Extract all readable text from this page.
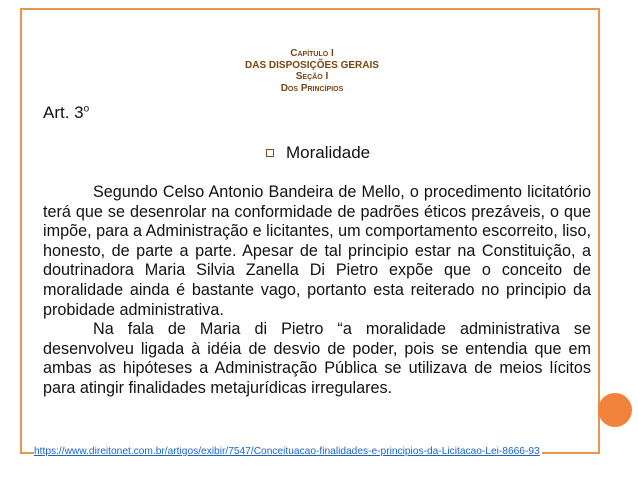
Capítulo I
DAS DISPOSIÇÕES GERAIS
Seção I
Dos Princípios
Art. 3$^o$
Moralidade

Segundo Celso Antonio Bandeira de Mello, o procedimento licitatório terá que se desenrolar na conformidade de padrões éticos prezáveis, o que impõe, para a Administração e licitantes, um comportamento escorreito, liso, honesto, de parte a parte. Apesar de tal principio estar na Constituição, a doutrinadora Maria Silvia Zanella Di Pietro expõe que o conceito de moralidade ainda é bastante vago, portanto esta reiterado no principio da probidade administrativa.

Na fala de Maria di Pietro “a moralidade administrativa se desenvolveu ligada à idéia de desvio de poder, pois se entendia que em ambas as hipóteses a Administração Pública se utilizava de meios lícitos para atingir finalidades metajurídicas irregulares.

https://www.direitonet.com.br/artigos/exibir/7547/Conceituacao-finalidades-e-principios-da-Licitacao-Lei-8666-93
